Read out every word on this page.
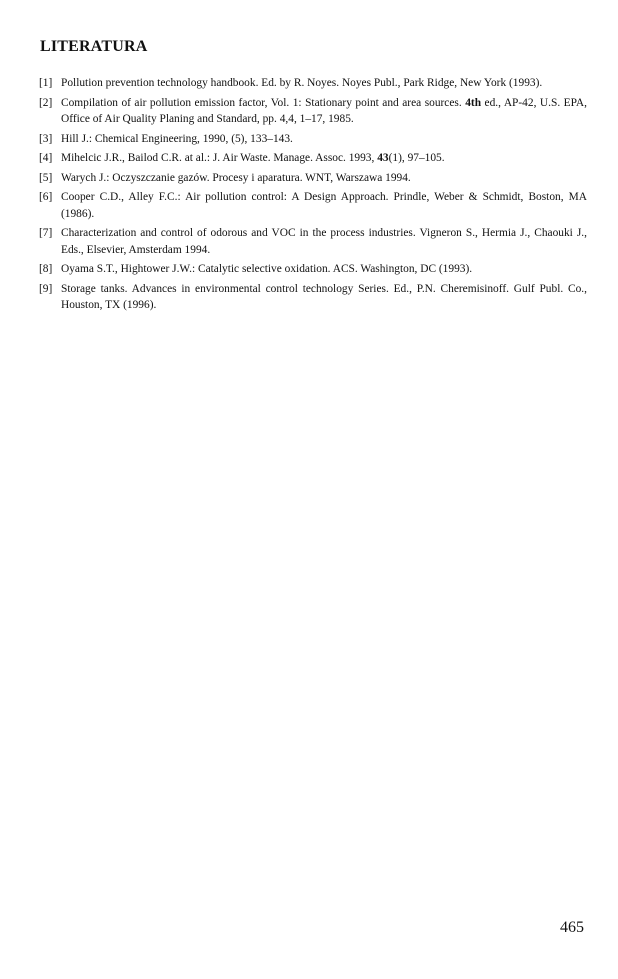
LITERATURA
[1] Pollution prevention technology handbook. Ed. by R. Noyes. Noyes Publ., Park Ridge, New York (1993).
[2] Compilation of air pollution emission factor, Vol. 1: Stationary point and area sources. 4th ed., AP-42, U.S. EPA, Office of Air Quality Planing and Standard, pp. 4,4, 1–17, 1985.
[3] Hill J.: Chemical Engineering, 1990, (5), 133–143.
[4] Mihelcic J.R., Bailod C.R. at al.: J. Air Waste. Manage. Assoc. 1993, 43(1), 97–105.
[5] Warych J.: Oczyszczanie gazów. Procesy i aparatura. WNT, Warszawa 1994.
[6] Cooper C.D., Alley F.C.: Air pollution control: A Design Approach. Prindle, Weber & Schmidt, Boston, MA (1986).
[7] Characterization and control of odorous and VOC in the process industries. Vigneron S., Hermia J., Chaouki J., Eds., Elsevier, Amsterdam 1994.
[8] Oyama S.T., Hightower J.W.: Catalytic selective oxidation. ACS. Washington, DC (1993).
[9] Storage tanks. Advances in environmental control technology Series. Ed., P.N. Cheremisinoff. Gulf Publ. Co., Houston, TX (1996).
465
